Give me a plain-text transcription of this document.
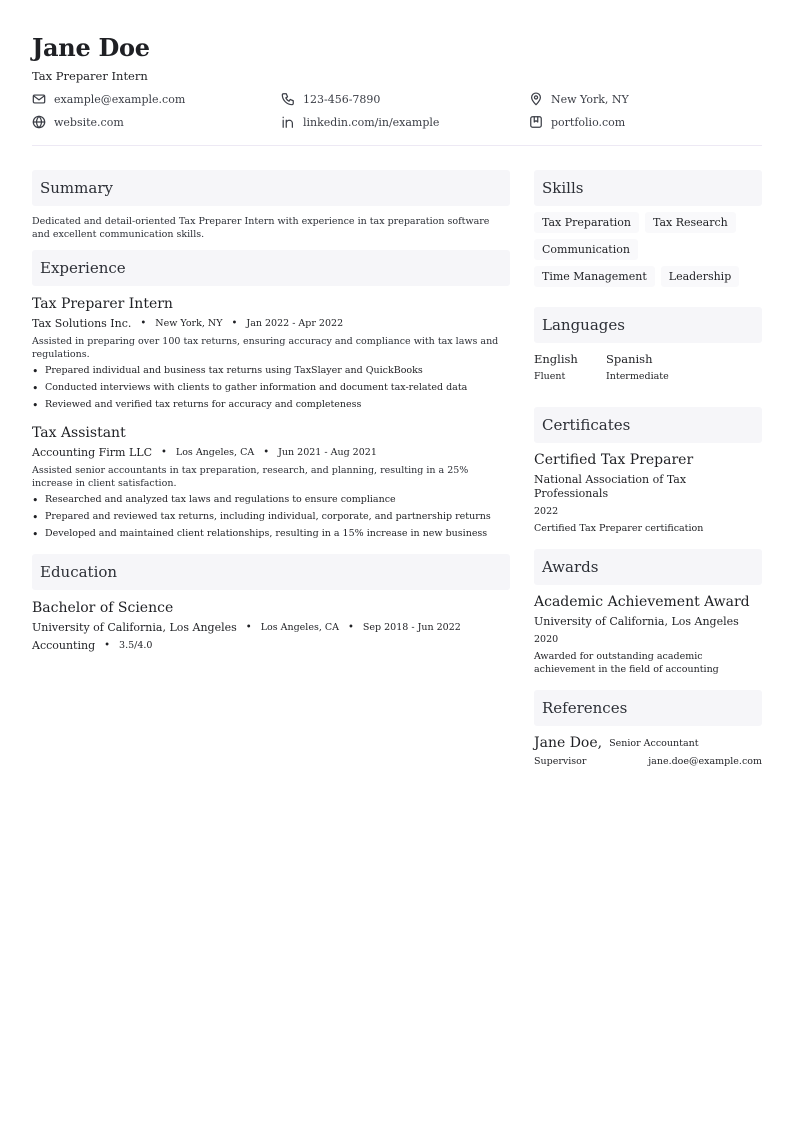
Jane Doe
Tax Preparer Intern
example@example.com	123-456-7890	New York, NY
website.com	linkedin.com/in/example	portfolio.com
Summary
Dedicated and detail-oriented Tax Preparer Intern with experience in tax preparation software and excellent communication skills.
Experience
Tax Preparer Intern
Tax Solutions Inc. • New York, NY • Jan 2022 - Apr 2022
Assisted in preparing over 100 tax returns, ensuring accuracy and compliance with tax laws and regulations.
• Prepared individual and business tax returns using TaxSlayer and QuickBooks
• Conducted interviews with clients to gather information and document tax-related data
• Reviewed and verified tax returns for accuracy and completeness
Tax Assistant
Accounting Firm LLC • Los Angeles, CA • Jun 2021 - Aug 2021
Assisted senior accountants in tax preparation, research, and planning, resulting in a 25% increase in client satisfaction.
• Researched and analyzed tax laws and regulations to ensure compliance
• Prepared and reviewed tax returns, including individual, corporate, and partnership returns
• Developed and maintained client relationships, resulting in a 15% increase in new business
Education
Bachelor of Science
University of California, Los Angeles • Los Angeles, CA • Sep 2018 - Jun 2022
Accounting • 3.5/4.0
Skills
Tax Preparation	Tax Research
Communication
Time Management	Leadership
Languages
English
Fluent
Spanish
Intermediate
Certificates
Certified Tax Preparer
National Association of Tax Professionals
2022
Certified Tax Preparer certification
Awards
Academic Achievement Award
University of California, Los Angeles
2020
Awarded for outstanding academic achievement in the field of accounting
References
Jane Doe, Senior Accountant
Supervisor	jane.doe@example.com
